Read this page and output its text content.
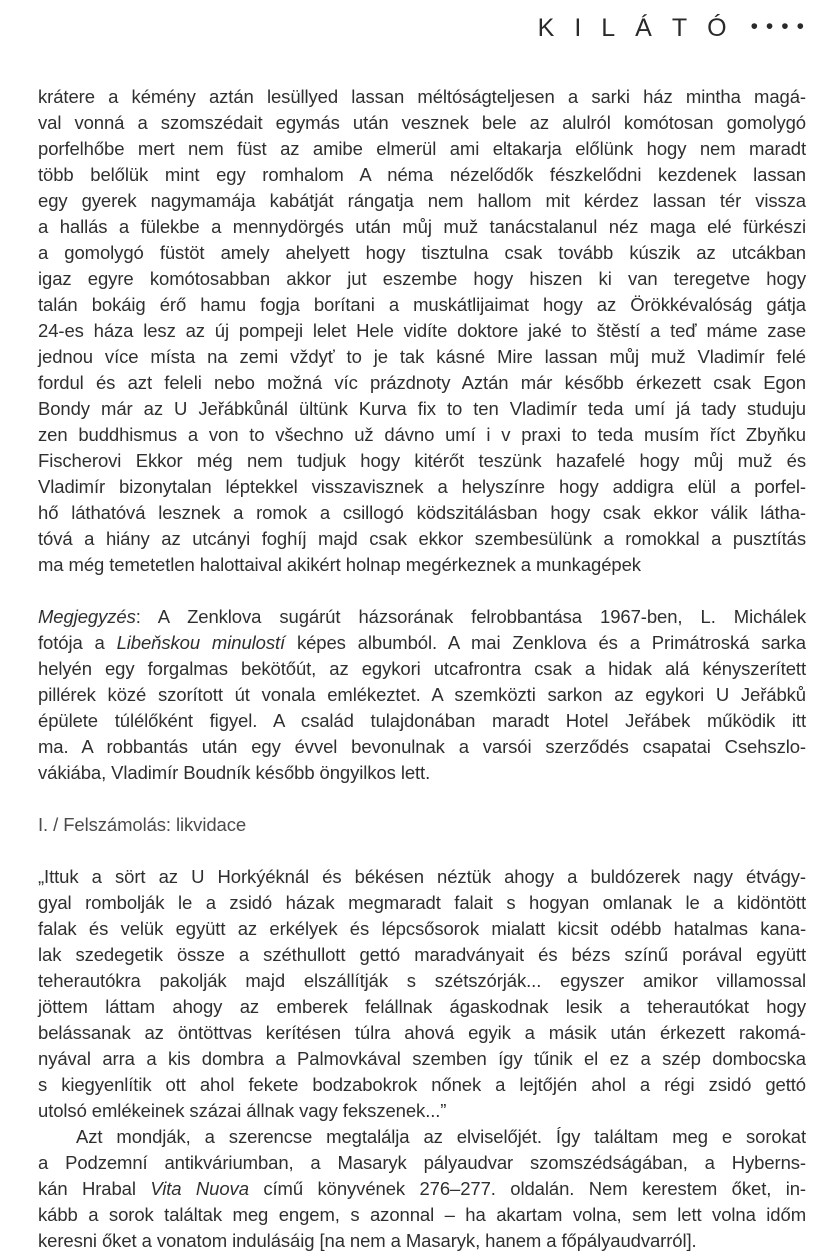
KILÁTÓ ••••
krátere a kémény aztán lesüllyed lassan méltóságteljesen a sarki ház mintha magá-
val vonná a szomszédait egymás után vesznek bele az alulról komótosan gomolygó
porfelhőbe mert nem füst az amibe elmerül ami eltakarja előlünk hogy nem maradt
több belőlük mint egy romhalom A néma nézelődők fészkelődni kezdenek lassan
egy gyerek nagymamája kabátját rángatja nem hallom mit kérdez lassan tér vissza
a hallás a fülekbe a mennydörgés után můj muž tanácstalanul néz maga elé fürkészi
a gomolygó füstöt amely ahelyett hogy tisztulna csak tovább kúszik az utcákban
igaz egyre komótosabban akkor jut eszembe hogy hiszen ki van teregetve hogy
talán bokáig érő hamu fogja borítani a muskátlijaimat hogy az Örökkévalóság gátja
24-es háza lesz az új pompeji lelet Hele vidíte doktore jaké to štěstí a teď máme zase
jednou více místa na zemi vždyť to je tak kásné Mire lassan můj muž Vladimír felé
fordul és azt feleli nebo možná víc prázdnoty Aztán már később érkezett csak Egon
Bondy már az U Jeřábkůnál ültünk Kurva fix to ten Vladimír teda umí já tady studuju
zen buddhismus a von to všechno už dávno umí i v praxi to teda musím říct Zbyňku
Fischerovi Ekkor még nem tudjuk hogy kitérőt teszünk hazafelé hogy můj muž és
Vladimír bizonytalan léptekkel visszavisznek a helyszínre hogy addigra elül a porfel-
hő láthatóvá lesznek a romok a csillogó ködszitálásban hogy csak ekkor válik látha-
tóvá a hiány az utcányi foghíj majd csak ekkor szembesülünk a romokkal a pusztítás
ma még temetetlen halottaival akikért holnap megérkeznek a munkagépek
Megjegyzés: A Zenklova sugárút házsorának felrobbantása 1967-ben, L. Michálek
fotója a Libeňskou minulostí képes albumból. A mai Zenklova és a Primátroská sarka
helyén egy forgalmas bekötőút, az egykori utcafrontra csak a hidak alá kényszerített
pillérek közé szorított út vonala emlékeztet. A szemközti sarkon az egykori U Jeřábků
épülete túlélőként figyel. A család tulajdonában maradt Hotel Jeřábek működik itt
ma. A robbantás után egy évvel bevonulnak a varsói szerződés csapatai Csehszlo-
vákiába, Vladimír Boudník később öngyilkos lett.
I. / Felszámolás: likvidace
„Ittuk a sört az U Horkýéknál és békésen néztük ahogy a buldózerek nagy étvágy-
gyal rombolják le a zsidó házak megmaradt falait s hogyan omlanak le a kidöntött
falak és velük együtt az erkélyek és lépcsősorok mialatt kicsit odébb hatalmas kana-
lak szedegetik össze a széthullott gettó maradványait és bézs színű porával együtt
teherautókra pakolják majd elszállítják s szétszórják... egyszer amikor villamossal
jöttem láttam ahogy az emberek felállnak ágaskodnak lesik a teherautókat hogy
belássanak az öntöttvas kerítésen túlra ahová egyik a másik után érkezett rakomá-
nyával arra a kis dombra a Palmovkával szemben így tűnik el ez a szép dombocska
s kiegyenlítik ott ahol fekete bodzabokrok nőnek a lejtőjén ahol a régi zsidó gettó
utolsó emlékeinek százai állnak vagy fekszenek...”
Azt mondják, a szerencse megtalálja az elviselőjét. Így találtam meg e sorokat
a Podzemní antikváriumban, a Masaryk pályaudvar szomszédságában, a Hyberns-
kán Hrabal Vita Nuova című könyvének 276–277. oldalán. Nem kerestem őket, in-
kább a sorok találtak meg engem, s azonnal – ha akartam volna, sem lett volna időm
keresni őket a vonatom indulásáig [na nem a Masaryk, hanem a főpályaudvarról].
